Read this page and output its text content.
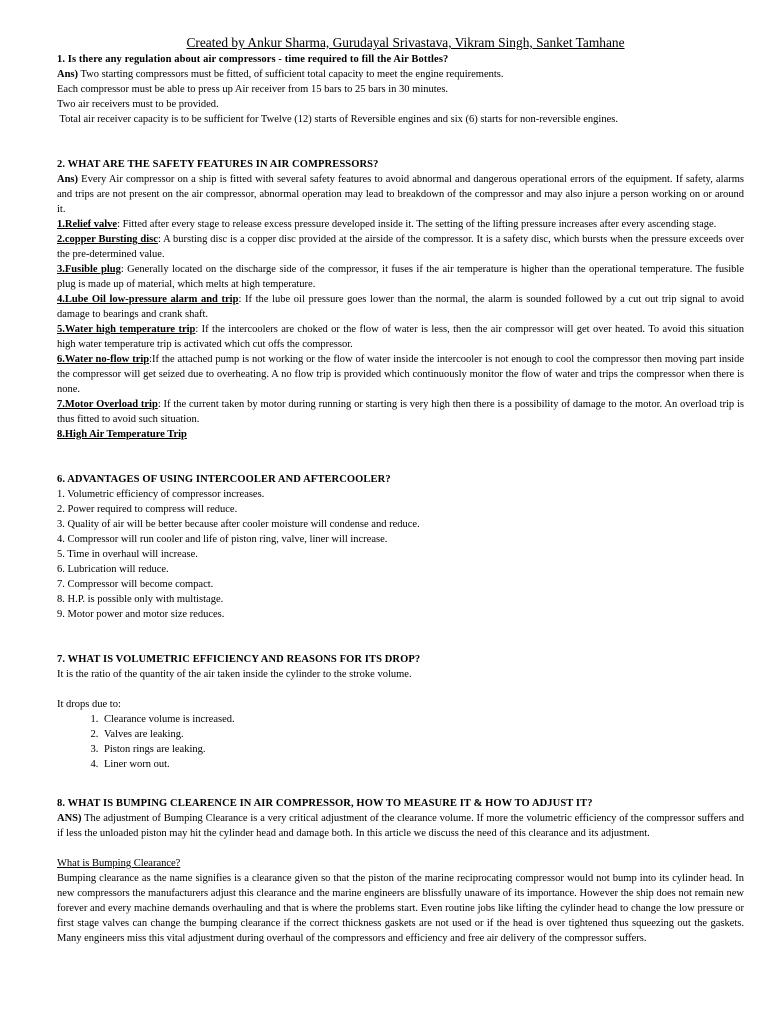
Created by Ankur Sharma, Gurudayal Srivastava, Vikram Singh, Sanket Tamhane
1. Is there any regulation about air compressors - time required to fill the Air Bottles?
Ans) Two starting compressors must be fitted, of sufficient total capacity to meet the engine requirements.
Each compressor must be able to press up Air receiver from 15 bars to 25 bars in 30 minutes.
Two air receivers must to be provided.
Total air receiver capacity is to be sufficient for Twelve (12) starts of Reversible engines and six (6) starts for non-reversible engines.
2. WHAT ARE THE SAFETY FEATURES IN AIR COMPRESSORS?

Ans) Every Air compressor on a ship is fitted with several safety features to avoid abnormal and dangerous operational errors of the equipment. If safety, alarms and trips are not present on the air compressor, abnormal operation may lead to breakdown of the compressor and may also injure a person working on or around it.

1.Relief valve: Fitted after every stage to release excess pressure developed inside it. The setting of the lifting pressure increases after every ascending stage.

2.copper Bursting disc: A bursting disc is a copper disc provided at the airside of the compressor. It is a safety disc, which bursts when the pressure exceeds over the pre-determined value.

3.Fusible plug: Generally located on the discharge side of the compressor, it fuses if the air temperature is higher than the operational temperature. The fusible plug is made up of material, which melts at high temperature.

4.Lube Oil low-pressure alarm and trip: If the lube oil pressure goes lower than the normal, the alarm is sounded followed by a cut out trip signal to avoid damage to bearings and crank shaft.

5.Water high temperature trip: If the intercoolers are choked or the flow of water is less, then the air compressor will get over heated. To avoid this situation high water temperature trip is activated which cut offs the compressor.

6.Water no-flow trip:If the attached pump is not working or the flow of water inside the intercooler is not enough to cool the compressor then moving part inside the compressor will get seized due to overheating. A no flow trip is provided which continuously monitor the flow of water and trips the compressor when there is none.

7.Motor Overload trip: If the current taken by motor during running or starting is very high then there is a possibility of damage to the motor. An overload trip is thus fitted to avoid such situation.

8.High Air Temperature Trip

6. ADVANTAGES OF USING INTERCOOLER AND AFTERCOOLER?
1. Volumetric efficiency of compressor increases.
2. Power required to compress will reduce.
3. Quality of air will be better because after cooler moisture will condense and reduce.
4. Compressor will run cooler and life of piston ring, valve, liner will increase.
5. Time in overhaul will increase.
6. Lubrication will reduce.
7. Compressor will become compact.
8. H.P. is possible only with multistage.
9. Motor power and motor size reduces.
7. WHAT IS VOLUMETRIC EFFICIENCY AND REASONS FOR ITS DROP?
It is the ratio of the quantity of the air taken inside the cylinder to the stroke volume.
It drops due to:
1. Clearance volume is increased.
2. Valves are leaking.
3. Piston rings are leaking.
4. Liner worn out.
8. WHAT IS BUMPING CLEARENCE IN AIR COMPRESSOR, HOW TO MEASURE IT & HOW TO ADJUST IT?

ANS) The adjustment of Bumping Clearance is a very critical adjustment of the clearance volume. If more the volumetric efficiency of the compressor suffers and if less the unloaded piston may hit the cylinder head and damage both. In this article we discuss the need of this clearance and its adjustment.

What is Bumping Clearance?

Bumping clearance as the name signifies is a clearance given so that the piston of the marine reciprocating compressor would not bump into its cylinder head. In new compressors the manufacturers adjust this clearance and the marine engineers are blissfully unaware of its importance. However the ship does not remain new forever and every machine demands overhauling and that is where the problems start. Even routine jobs like lifting the cylinder head to change the low pressure or first stage valves can change the bumping clearance if the correct thickness gaskets are not used or if the head is over tightened thus squeezing out the gaskets. Many engineers miss this vital adjustment during overhaul of the compressors and efficiency and free air delivery of the compressor suffers.
